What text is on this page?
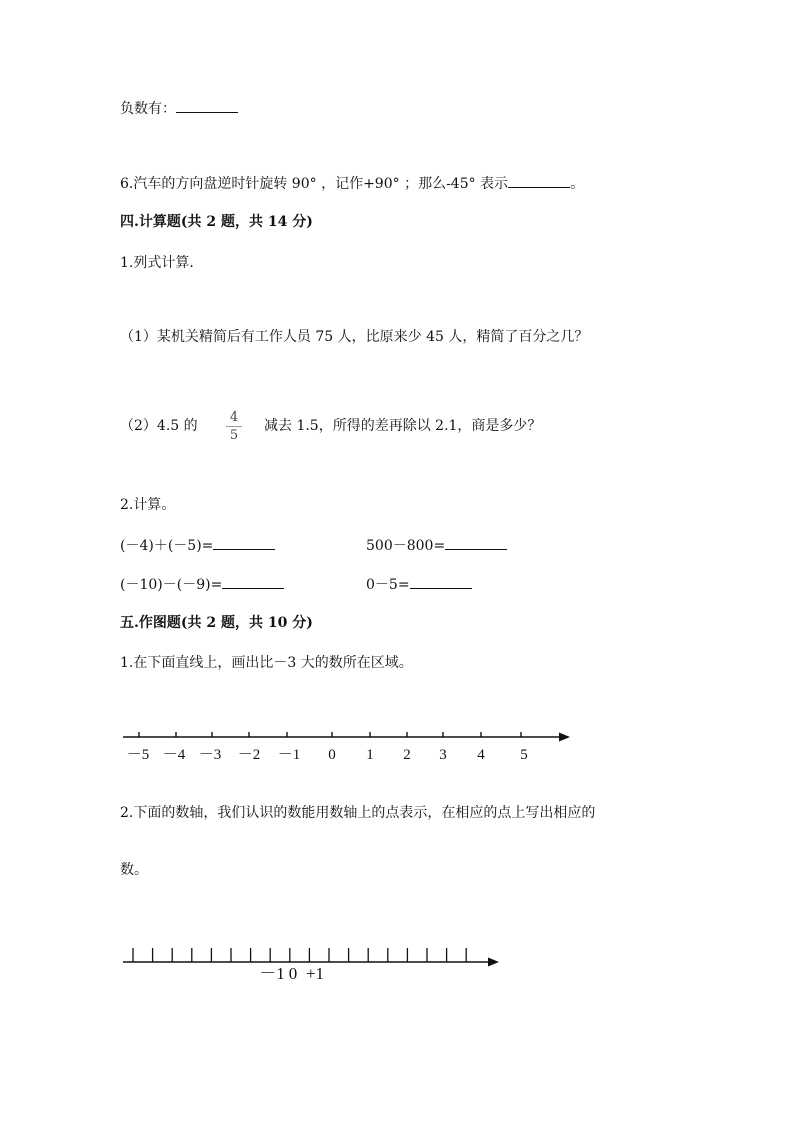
负数有：
6.汽车的方向盘逆时针旋转 90° ，记作+90° ；那么-45° 表示	。
四.计算题(共 2 题，共 14 分)
1.列式计算.
（1）某机关精简后有工作人员 75 人，比原来少 45 人，精简了百分之几？
（2）4.5 的
4
5
减去 1.5，所得的差再除以 2.1，商是多少？
2.计算。
(－4)＋(－5)=	500－800=
(－10)－(－9)=	0－5=
五.作图题(共 2 题，共 10 分)
1.在下面直线上，画出比－3 大的数所在区域。
－5 －4 －3 －2 －1 0 1 2 3 4 5
2.下面的数轴，我们认识的数能用数轴上的点表示，在相应的点上写出相应的
数。
－1 0 +1
